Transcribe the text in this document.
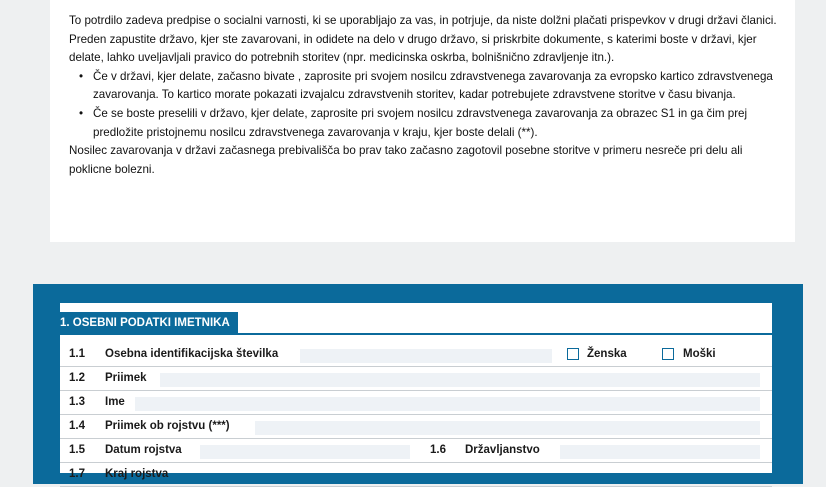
To potrdilo zadeva predpise o socialni varnosti, ki se uporabljajo za vas, in potrjuje, da niste dolžni plačati prispevkov v drugi državi članici.

Preden zapustite državo, kjer ste zavarovani, in odidete na delo v drugo državo, si priskrbite dokumente, s katerimi boste v državi, kjer delate, lahko uveljavljali pravico do potrebnih storitev (npr. medicinska oskrba, bolnišnično zdravljenje itn.).

• Če v državi, kjer delate, začasno bivate , zaprosite pri svojem nosilcu zdravstvenega zavarovanja za evropsko kartico zdravstvenega zavarovanja. To kartico morate pokazati izvajalcu zdravstvenih storitev, kadar potrebujete zdravstvene storitve v času bivanja.
• Če se boste preselili v državo, kjer delate, zaprosite pri svojem nosilcu zdravstvenega zavarovanja za obrazec S1 in ga čim prej predložite pristojnemu nosilcu zdravstvenega zavarovanja v kraju, kjer boste delali (**).

Nosilec zavarovanja v državi začasnega prebivališča bo prav tako začasno zagotovil posebne storitve v primeru nesreče pri delu ali poklicne bolezni.

1. OSEBNI PODATKI IMETNIKA
1.1 Osebna identifikacijska številka	Ženska	Moški
1.2 Priimek
1.3 Ime
1.4 Priimek ob rojstvu (***)
1.5 Datum rojstva	1.6 Državljanstvo
1.7 Kraj rojstva
